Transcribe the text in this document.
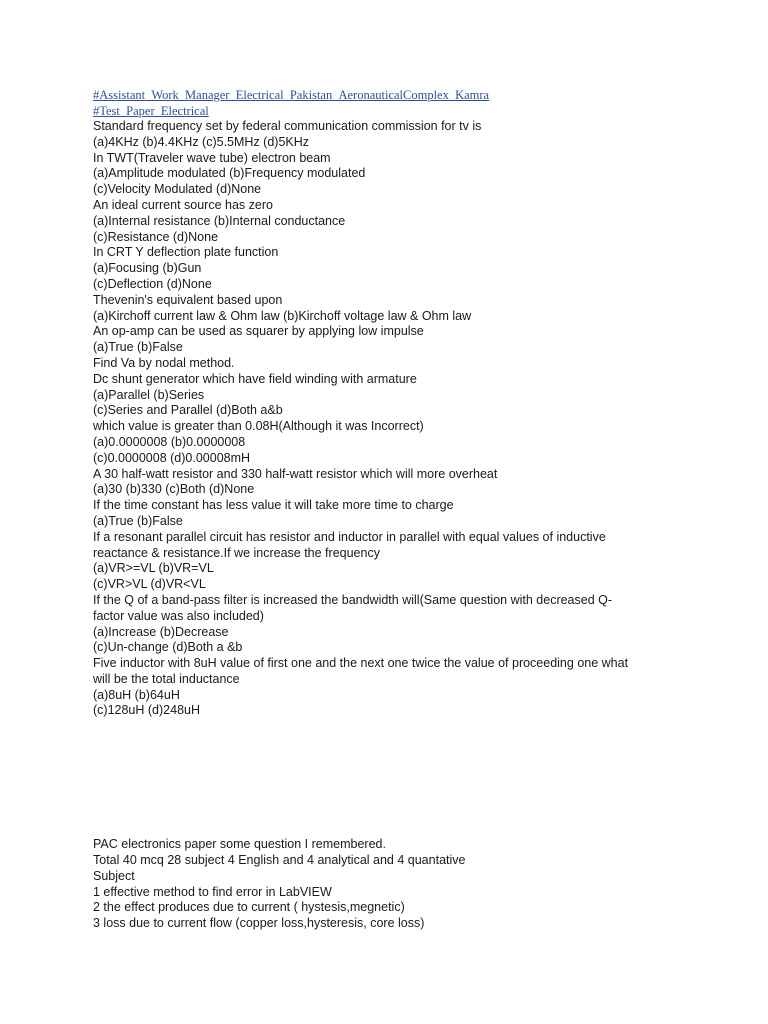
#Assistant_Work_Manager_Electrical_Pakistan_AeronauticalComplex_Kamra
#Test_Paper_Electrical
Standard frequency set by federal communication commission for tv is
(a)4KHz (b)4.4KHz (c)5.5MHz (d)5KHz
In TWT(Traveler wave tube) electron beam
(a)Amplitude modulated (b)Frequency modulated
(c)Velocity Modulated (d)None
An ideal current source has zero
(a)Internal resistance (b)Internal conductance
(c)Resistance (d)None
In CRT Y deflection plate function
(a)Focusing (b)Gun
(c)Deflection (d)None
Thevenin's equivalent based upon
(a)Kirchoff current law & Ohm law (b)Kirchoff voltage law & Ohm law
An op-amp can be used as squarer by applying low impulse
(a)True (b)False
Find Va by nodal method.
Dc shunt generator which have field winding with armature
(a)Parallel (b)Series
(c)Series and Parallel (d)Both a&b
which value is greater than 0.08H(Although it was Incorrect)
(a)0.0000008 (b)0.0000008
(c)0.0000008 (d)0.00008mH
A 30 half-watt resistor and 330 half-watt resistor which will more overheat
(a)30 (b)330 (c)Both (d)None
If the time constant has less value it will take more time to charge
(a)True (b)False
If a resonant parallel circuit has resistor and inductor in parallel with equal values of inductive
reactance & resistance.If we increase the frequency
(a)VR>=VL (b)VR=VL
(c)VR>VL (d)VR<VL
If the Q of a band-pass filter is increased the bandwidth will(Same question with decreased Q-
factor value was also included)
(a)Increase (b)Decrease
(c)Un-change (d)Both a &b
Five inductor with 8uH value of first one and the next one twice the value of proceeding one what
will be the total inductance
(a)8uH (b)64uH
(c)128uH (d)248uH
PAC electronics paper some question I remembered.
Total 40 mcq 28 subject 4 English and 4 analytical and 4 quantative
Subject
1 effective method to find error in LabVIEW
2 the effect produces due to current ( hystesis,megnetic)
3 loss due to current flow (copper loss,hysteresis, core loss)
